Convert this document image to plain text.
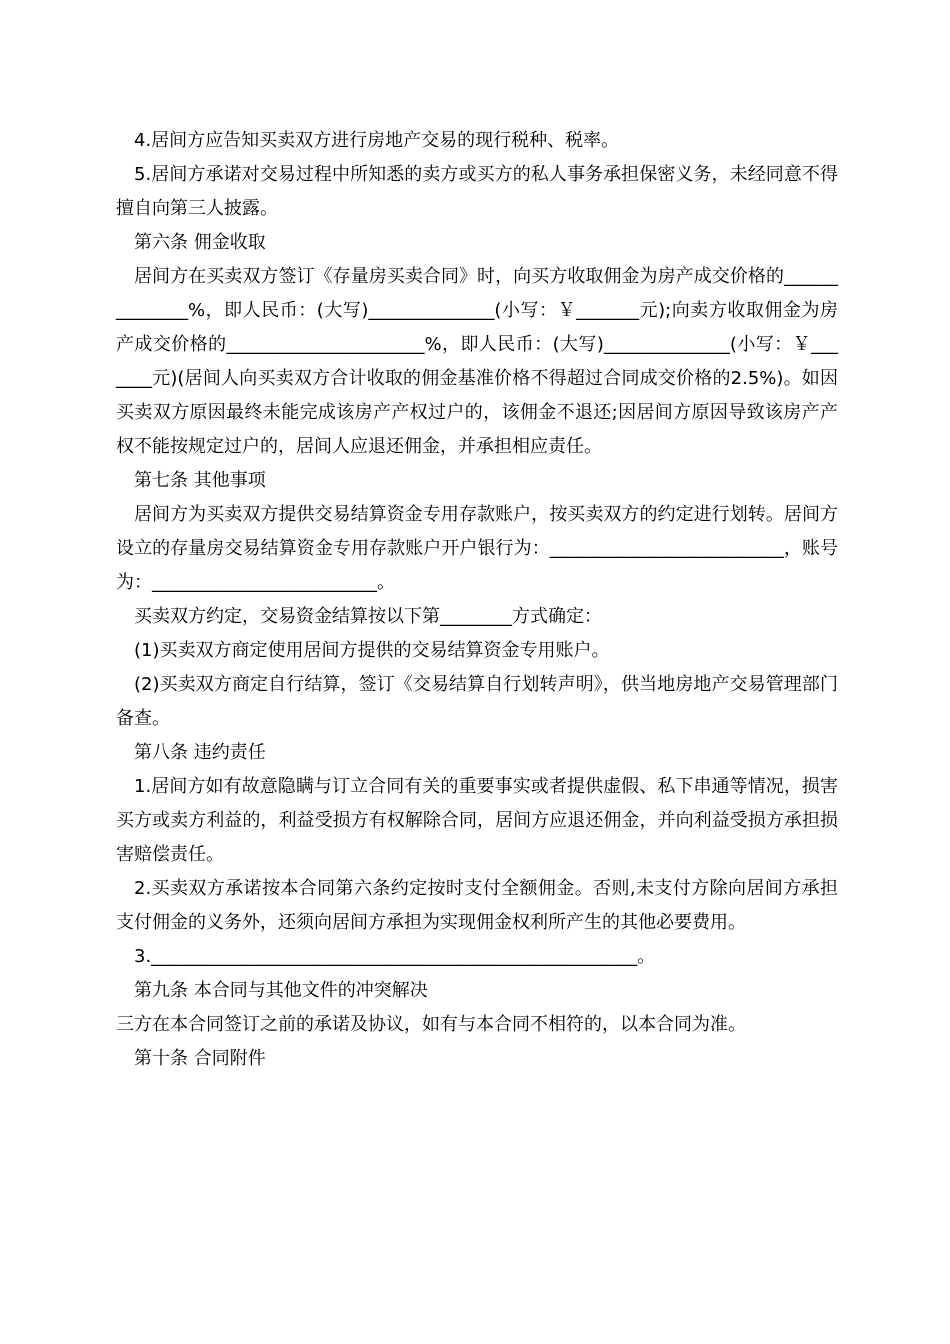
4.居间方应告知买卖双方进行房地产交易的现行税种、税率。

5.居间方承诺对交易过程中所知悉的卖方或买方的私人事务承担保密义务，未经同意不得擅自向第三人披露。

第六条 佣金收取

居间方在买卖双方签订《存量房买卖合同》时，向买方收取佣金为房产成交价格的______________%，即人民币：(大写)______________(小写：￥_______元);向卖方收取佣金为房产成交价格的______________________%，即人民币：(大写)______________(小写：￥_______元)(居间人向买卖双方合计收取的佣金基准价格不得超过合同成交价格的2.5%)。如因买卖双方原因最终未能完成该房产产权过户的，该佣金不退还;因居间方原因导致该房产产权不能按规定过户的，居间人应退还佣金，并承担相应责任。

第七条 其他事项

居间方为买卖双方提供交易结算资金专用存款账户，按买卖双方的约定进行划转。居间方设立的存量房交易结算资金专用存款账户开户银行为：__________________________，账号为：_________________________。

买卖双方约定，交易资金结算按以下第________方式确定：

(1)买卖双方商定使用居间方提供的交易结算资金专用账户。

(2)买卖双方商定自行结算，签订《交易结算自行划转声明》，供当地房地产交易管理部门备查。

第八条 违约责任

1.居间方如有故意隐瞒与订立合同有关的重要事实或者提供虚假、私下串通等情况，损害买方或卖方利益的，利益受损方有权解除合同，居间方应退还佣金，并向利益受损方承担损害赔偿责任。

2.买卖双方承诺按本合同第六条约定按时支付全额佣金。否则,未支付方除向居间方承担支付佣金的义务外，还须向居间方承担为实现佣金权利所产生的其他必要费用。

3.______________________________________________________。

第九条 本合同与其他文件的冲突解决

三方在本合同签订之前的承诺及协议，如有与本合同不相符的，以本合同为准。

第十条 合同附件
